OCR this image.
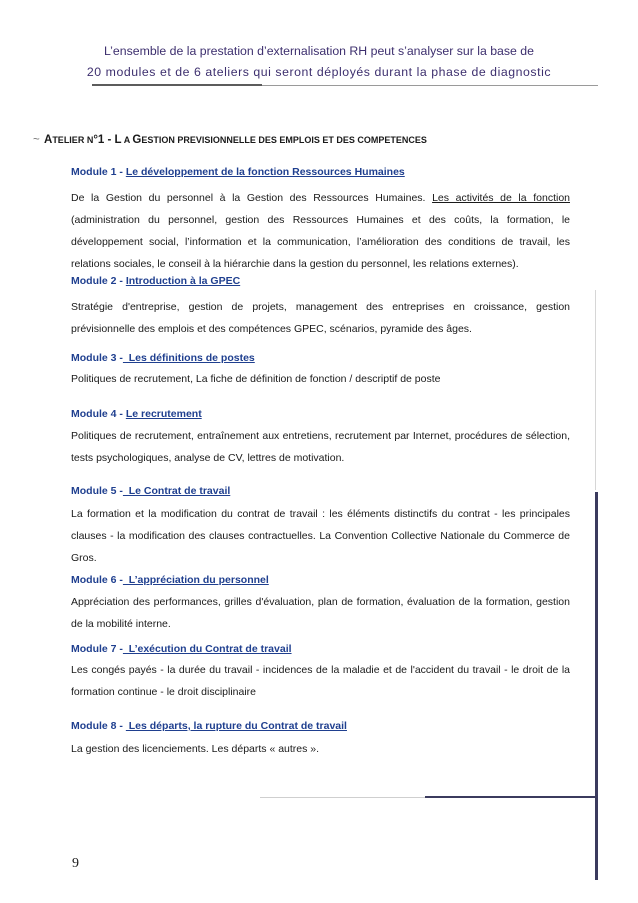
L’ensemble de la prestation d’externalisation RH peut s’analyser sur la base de
20 modules et de 6 ateliers qui seront déployés durant la phase de diagnostic
~ ATELIER N°1 - L A GESTION PREVISIONNELLE DES EMPLOIS ET DES COMPETENCES
Module 1 - Le développement de la fonction Ressources Humaines
De la Gestion du personnel à la Gestion des Ressources Humaines. Les activités de la fonction (administration du personnel, gestion des Ressources Humaines et des coûts, la formation, le développement social, l’information et la communication, l’amélioration des conditions de travail, les relations sociales, le conseil à la hiérarchie dans la gestion du personnel, les relations externes).
Module 2 - Introduction à la GPEC
Stratégie d'entreprise, gestion de projets, management des entreprises en croissance, gestion prévisionnelle des emplois et des compétences GPEC, scénarios, pyramide des âges.
Module 3 -  Les définitions de postes
Politiques de recrutement, La fiche de définition de fonction / descriptif de poste
Module 4 - Le recrutement
Politiques de recrutement, entraînement aux entretiens, recrutement par Internet, procédures de sélection, tests psychologiques, analyse de CV, lettres de motivation.
Module 5 -  Le Contrat de travail
La formation et la modification du contrat de travail : les éléments distinctifs du contrat - les principales clauses - la modification des clauses contractuelles. La Convention Collective Nationale du Commerce de Gros.
Module 6 -  L’appréciation du personnel
Appréciation des performances, grilles d'évaluation, plan de formation, évaluation de la formation, gestion de la mobilité interne.
Module 7 -  L’exécution du Contrat de travail
Les congés payés - la durée du travail - incidences de la maladie et de l'accident du travail - le droit de la formation continue - le droit disciplinaire
Module 8 -  Les départs, la rupture du Contrat de travail
La gestion des licenciements. Les départs « autres ».
9
